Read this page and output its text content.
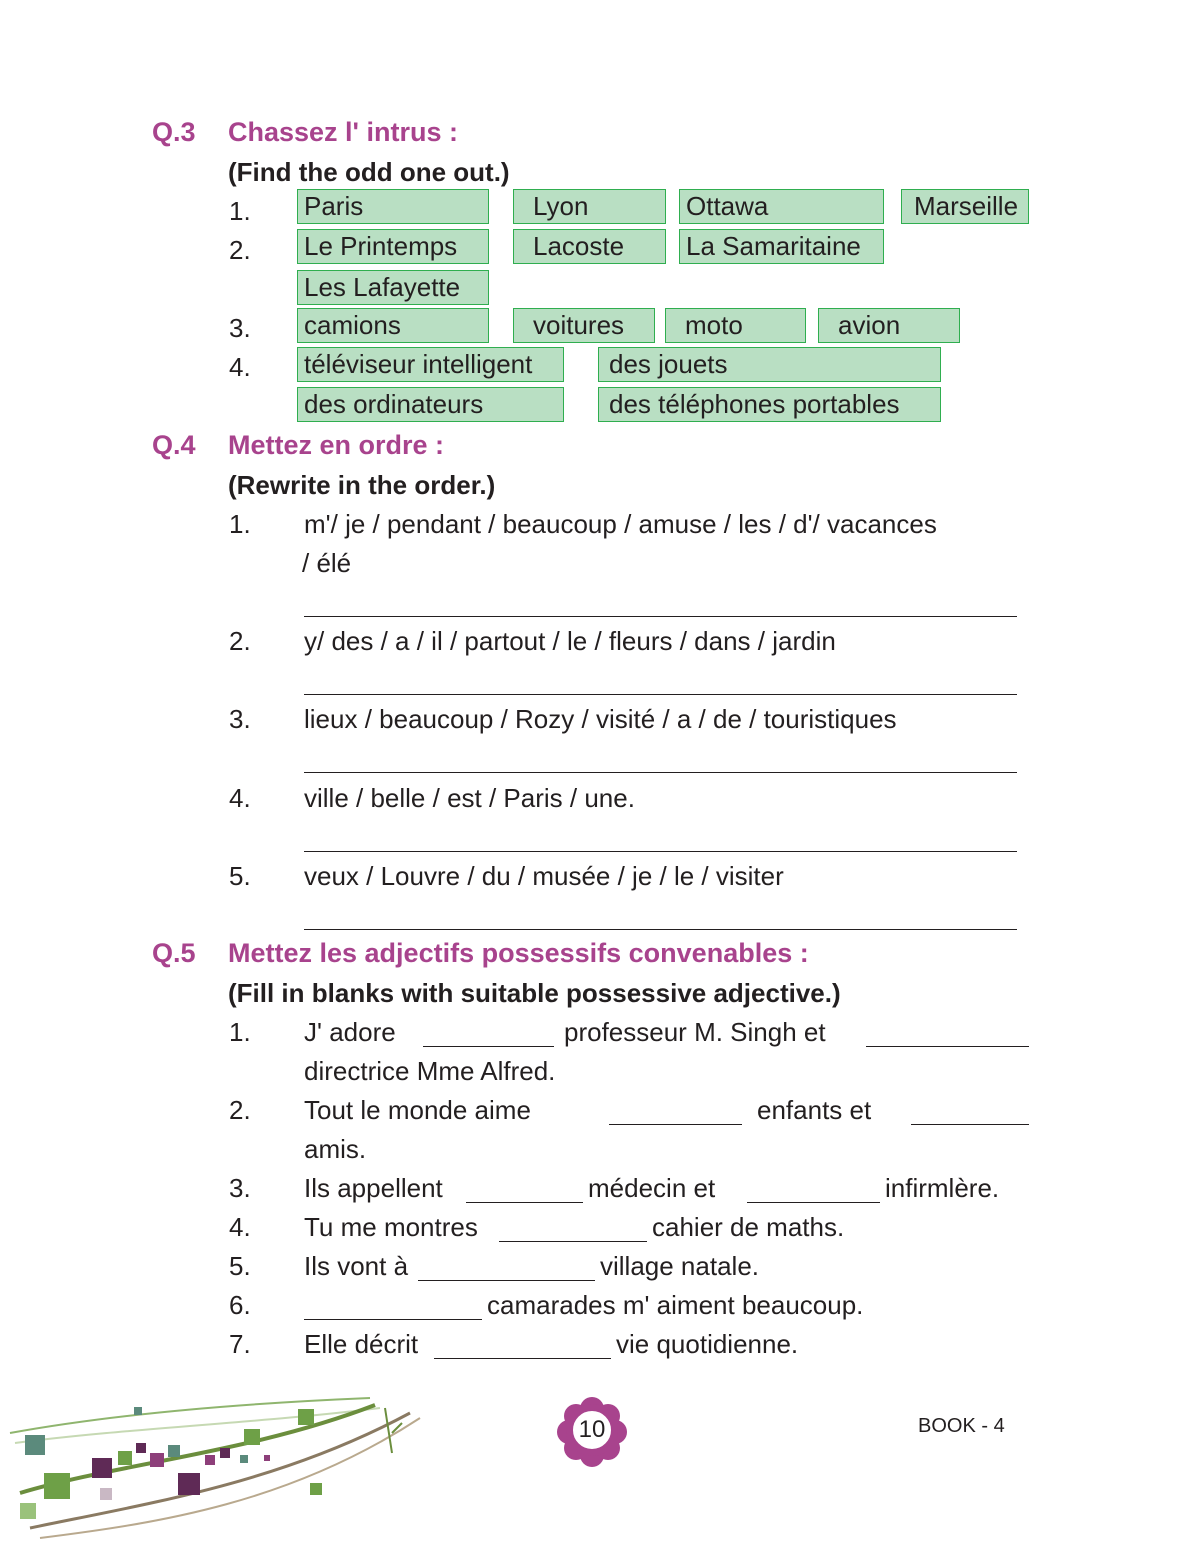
Q.3 Chassez l' intrus :
(Find the odd one out.)
1. Paris	Lyon	Ottawa	Marseille
2. Le Printemps	Lacoste	La Samaritaine
Les Lafayette
3. camions	voitures	moto	avion
4. téléviseur intelligent	des jouets
des ordinateurs	des téléphones portables
Q.4 Mettez en ordre :
(Rewrite in the order.)
1. m'/ je / pendant / beaucoup / amuse / les / d'/ vacances
/ élé
2. y/ des / a / il / partout / le / fleurs / dans / jardin
3. lieux / beaucoup / Rozy / visité / a / de / touristiques
4. ville / belle / est / Paris / une.
5. veux / Louvre / du / musée / je / le / visiter
Q.5 Mettez les adjectifs possessifs convenables :
(Fill in blanks with suitable possessive adjective.)
1. J' adore	professeur M. Singh et
directrice Mme Alfred.
2. Tout le monde aime	enfants et
amis.
3. Ils appellent	médecin et	infirmlère.
4. Tu me montres	cahier de maths.
5. Ils vont à	village natale.
6.	camarades m' aiment beaucoup.
7. Elle décrit	vie quotidienne.
10	BOOK - 4
